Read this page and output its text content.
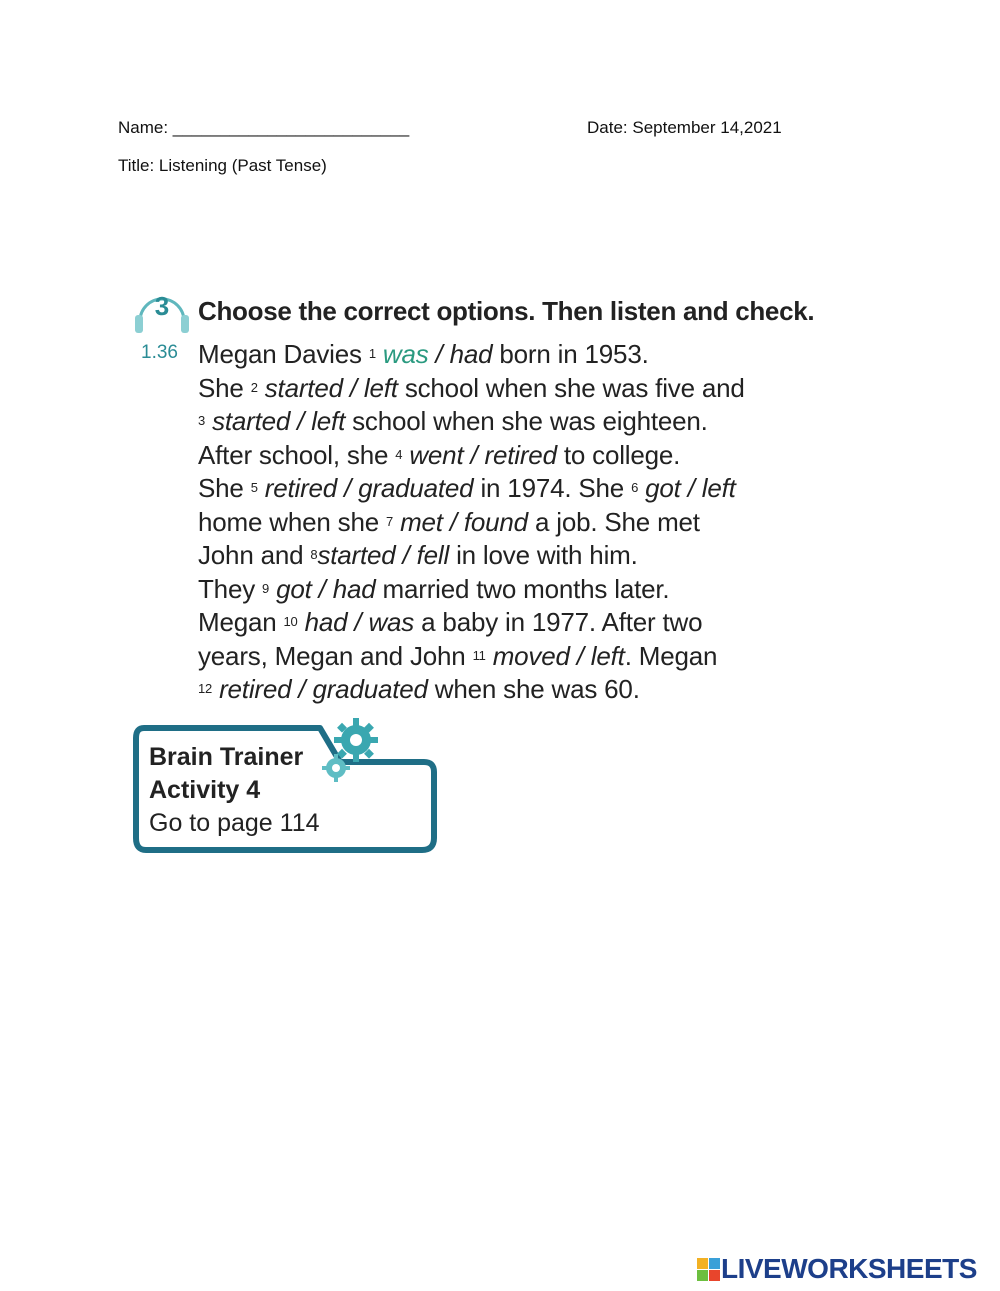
Name: _________________________	Date: September 14,2021
Title: Listening (Past Tense)
3
1.36
Choose the correct options. Then listen and check.
Megan Davies $^1$ was / had born in 1953.
She $^2$ started / left school when she was five and
$^3$ started / left school when she was eighteen.
After school, she $^4$ went / retired to college.
She $^5$ retired / graduated in 1974. She $^6$ got / left
home when she $^7$ met / found a job. She met
John and $^8$started / fell in love with him.
They $^9$ got / had married two months later.
Megan $^{10}$ had / was a baby in 1977. After two
years, Megan and John $^{11}$ moved / left. Megan
$^{12}$ retired / graduated when she was 60.
Brain Trainer
Activity 4
Go to page 114
LIVEWORKSHEETS
